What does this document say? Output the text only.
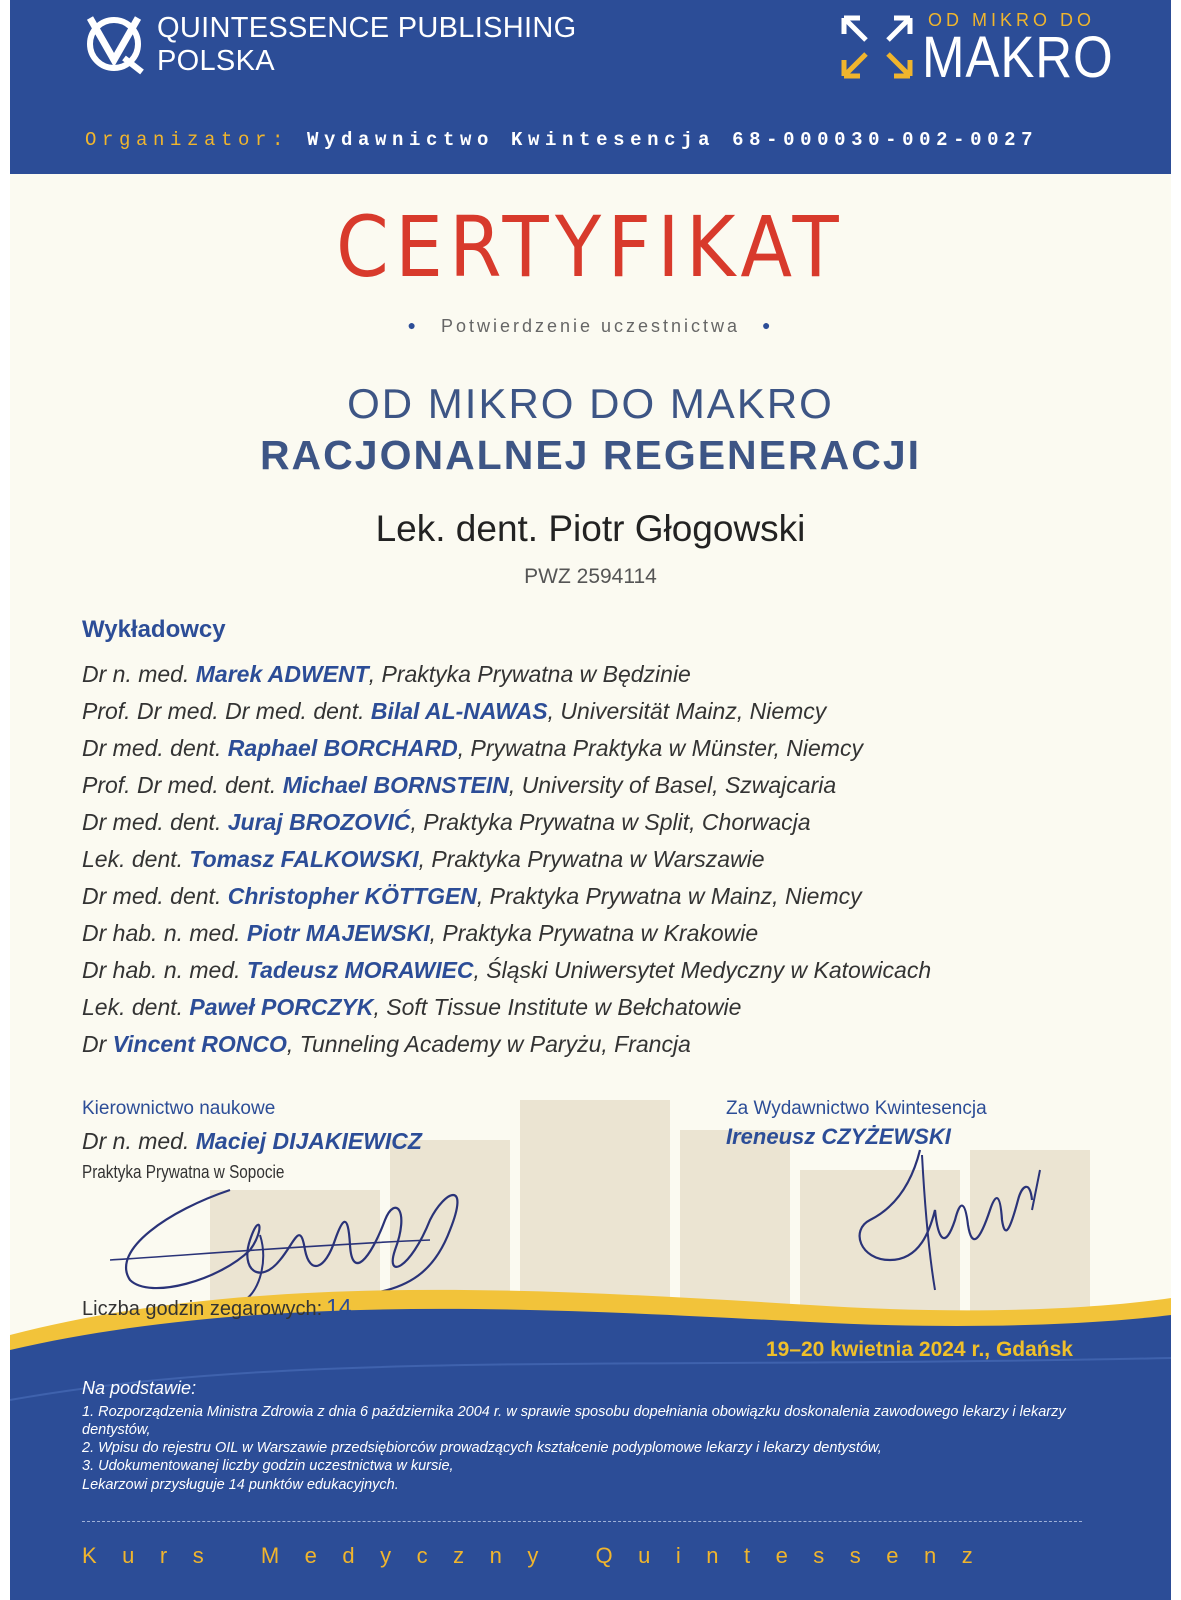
QUINTESSENCE PUBLISHING
POLSKA
OD MIKRO DO
MAKRO
Organizator: Wydawnictwo Kwintesencja 68-000030-002-0027
CERTYFIKAT
● Potwierdzenie uczestnictwa ●
OD MIKRO DO MAKRO
RACJONALNEJ REGENERACJI
Lek. dent. Piotr Głogowski
PWZ 2594114
Wykładowcy
Dr n. med. Marek ADWENT, Praktyka Prywatna w Będzinie
Prof. Dr med. Dr med. dent. Bilal AL-NAWAS, Universität Mainz, Niemcy
Dr med. dent. Raphael BORCHARD, Prywatna Praktyka w Münster, Niemcy
Prof. Dr med. dent. Michael BORNSTEIN, University of Basel, Szwajcaria
Dr med. dent. Juraj BROZOVIĆ, Praktyka Prywatna w Split, Chorwacja
Lek. dent. Tomasz FALKOWSKI, Praktyka Prywatna w Warszawie
Dr med. dent. Christopher KÖTTGEN, Praktyka Prywatna w Mainz, Niemcy
Dr hab. n. med. Piotr MAJEWSKI, Praktyka Prywatna w Krakowie
Dr hab. n. med. Tadeusz MORAWIEC, Śląski Uniwersytet Medyczny w Katowicach
Lek. dent. Paweł PORCZYK, Soft Tissue Institute w Bełchatowie
Dr Vincent RONCO, Tunneling Academy w Paryżu, Francja
Kierownictwo naukowe
Dr n. med. Maciej DIJAKIEWICZ
Praktyka Prywatna w Sopocie
Za Wydawnictwo Kwintesencja
Ireneusz CZYŻEWSKI
Liczba godzin zegarowych: 14
19–20 kwietnia 2024 r., Gdańsk
Na podstawie:
1. Rozporządzenia Ministra Zdrowia z dnia 6 października 2004 r. w sprawie sposobu dopełniania obowiązku doskonalenia zawodowego lekarzy i lekarzy dentystów,
2. Wpisu do rejestru OIL w Warszawie przedsiębiorców prowadzących kształcenie podyplomowe lekarzy i lekarzy dentystów,
3. Udokumentowanej liczby godzin uczestnictwa w kursie,
Lekarzowi przysługuje 14 punktów edukacyjnych.
Kurs Medyczny Quintessenz
